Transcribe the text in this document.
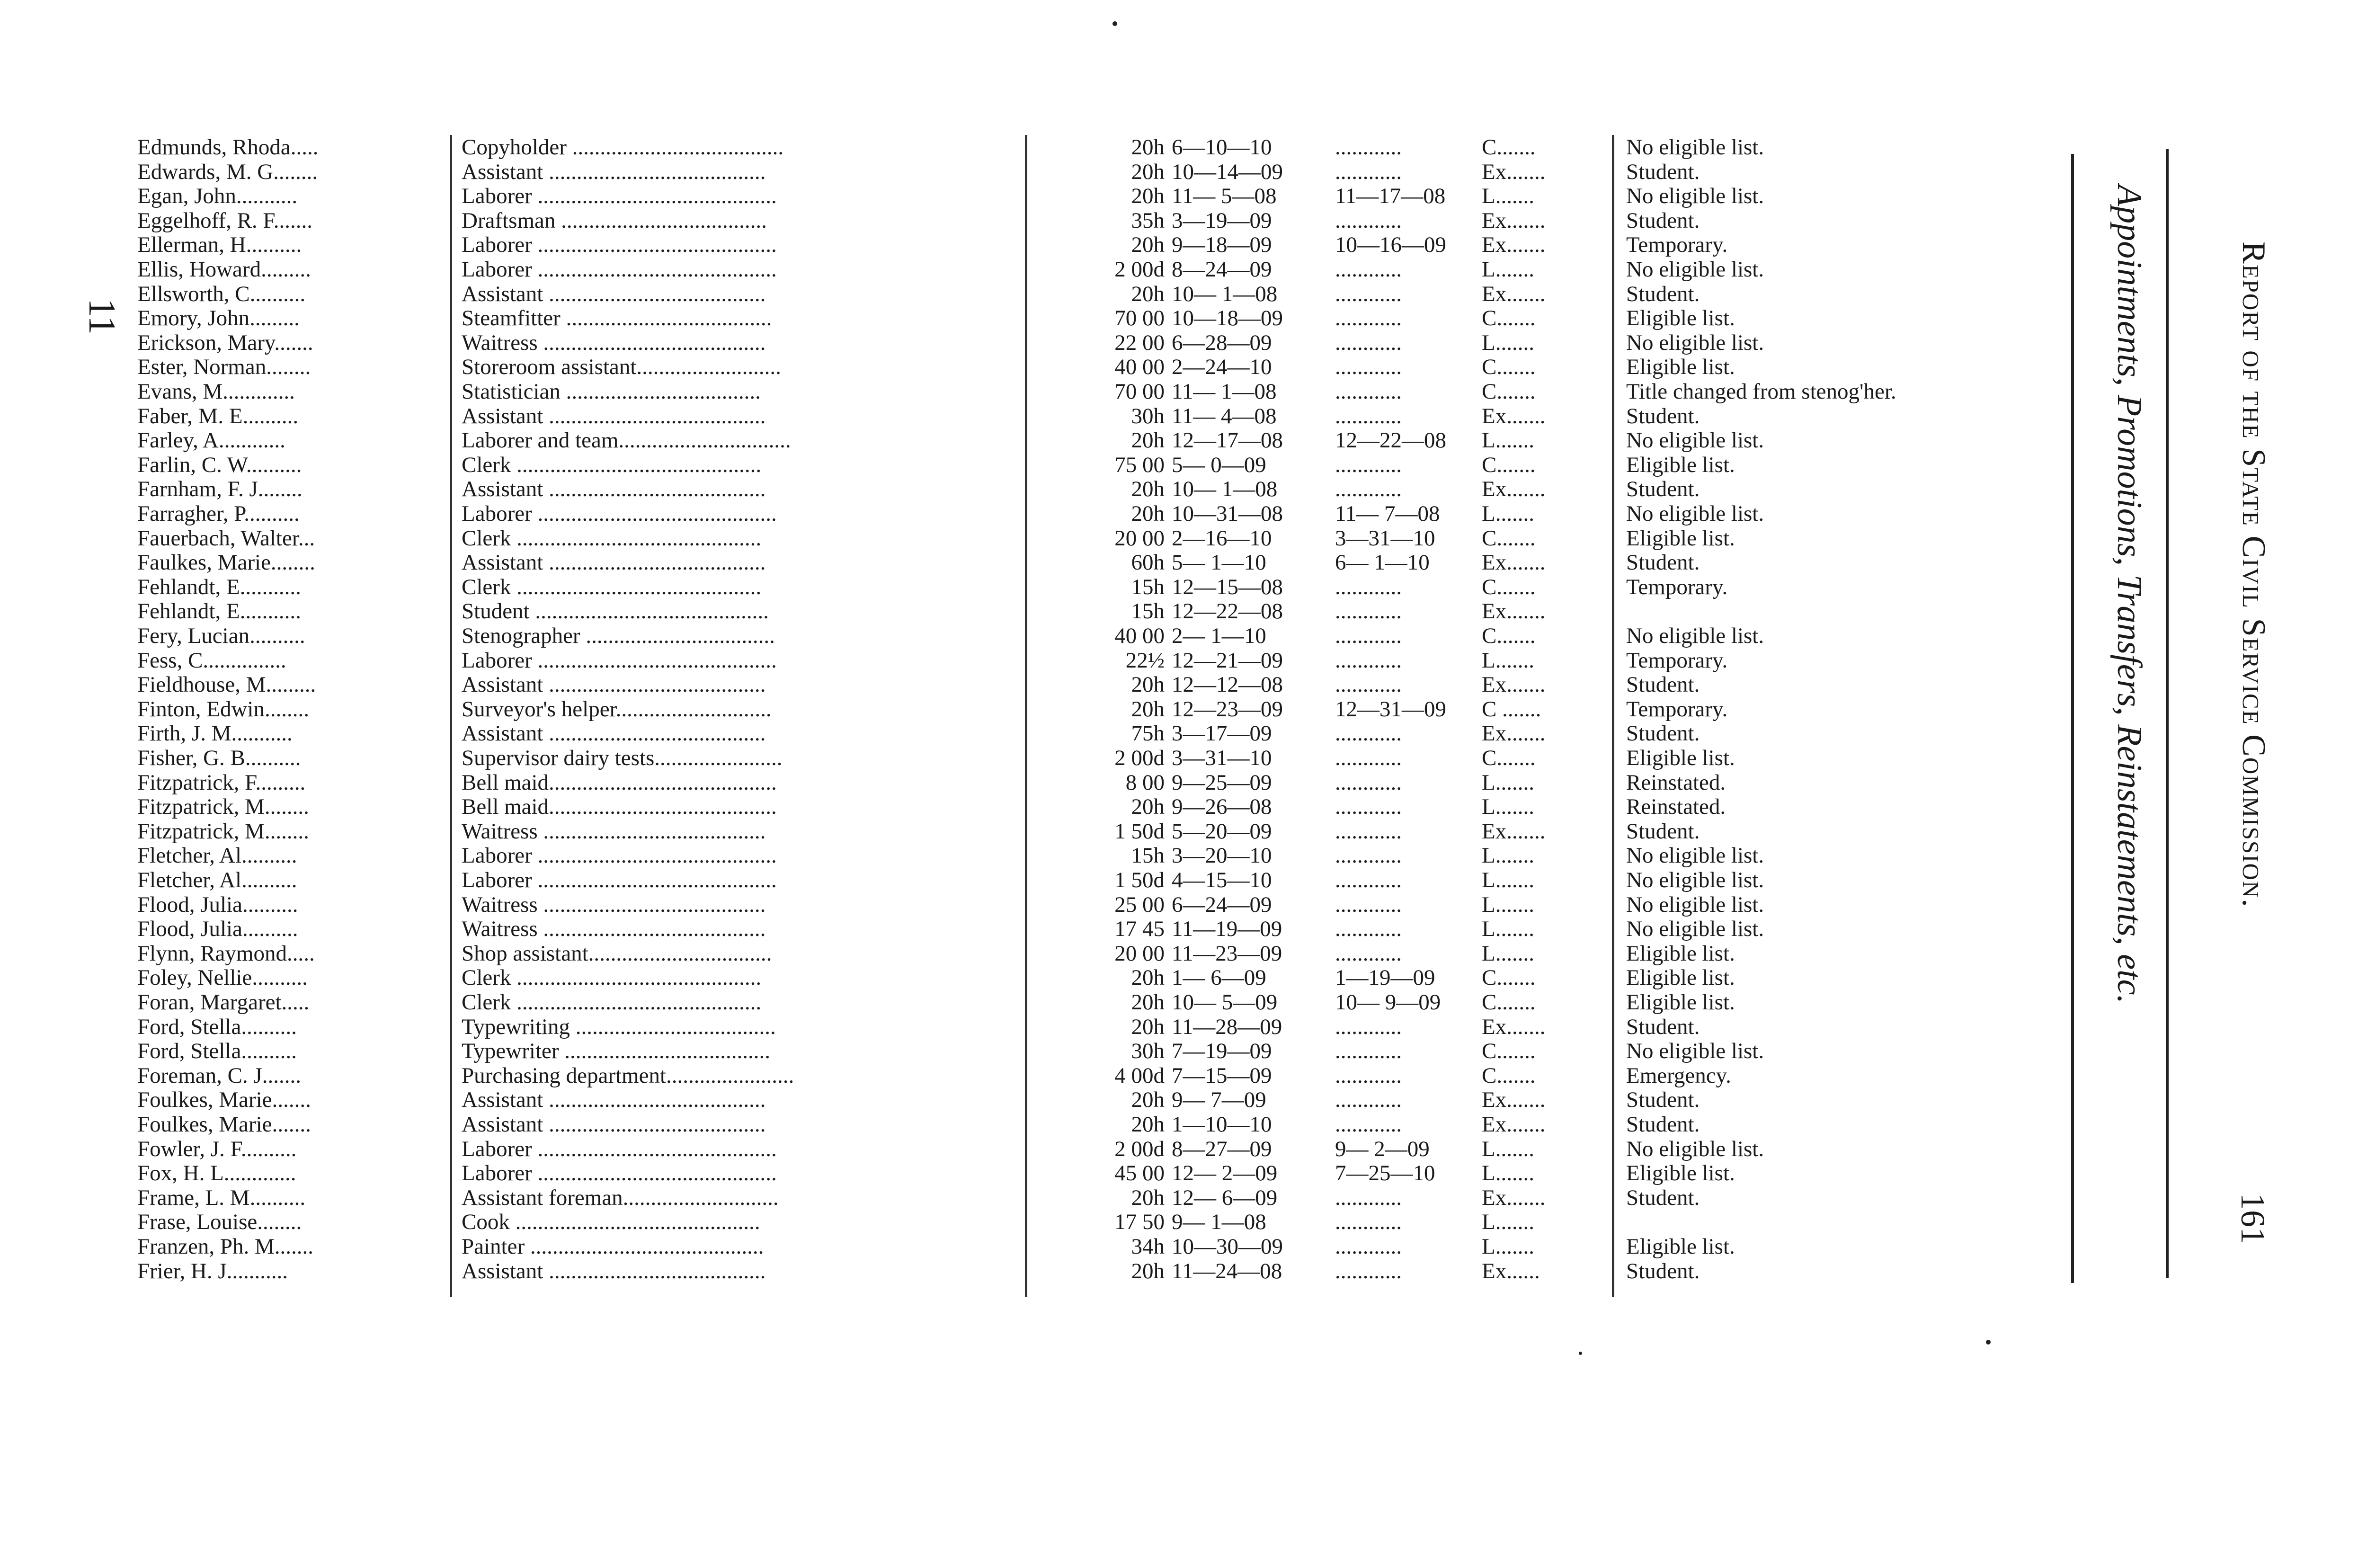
Edmunds, Rhoda.....	Copyholder ......................................	20h 6—10—10	............	C.......	No eligible list.
Edwards, M. G........	Assistant .......................................	20h 10—14—09	............	Ex.......	Student.
Egan, John...........	Laborer ...........................................	20h 11— 5—08	11—17—08	L.......	No eligible list.
Eggelhoff, R. F.......	Draftsman .....................................	35h 3—19—09	............	Ex.......	Student.
Ellerman, H..........	Laborer ...........................................	20h 9—18—09	10—16—09	Ex.......	Temporary.
Ellis, Howard.........	Laborer ...........................................	2 00d 8—24—09	............	L.......	No eligible list.
Ellsworth, C..........	Assistant .......................................	20h 10— 1—08	............	Ex.......	Student.
Emory, John.........	Steamfitter .....................................	70 00 10—18—09	............	C.......	Eligible list.
Erickson, Mary.......	Waitress ........................................	22 00 6—28—09	............	L.......	No eligible list.
Ester, Norman........	Storeroom assistant..........................	40 00 2—24—10	............	C.......	Eligible list.
Evans, M.............	Statistician ...................................	70 00 11— 1—08	............	C.......	Title changed from stenog'her.
Faber, M. E..........	Assistant .......................................	30h 11— 4—08	............	Ex.......	Student.
Farley, A............	Laborer and team...............................	20h 12—17—08	12—22—08	L.......	No eligible list.
Farlin, C. W..........	Clerk ............................................	75 00 5— 0—09	............	C.......	Eligible list.
Farnham, F. J........	Assistant .......................................	20h 10— 1—08	............	Ex.......	Student.
Farragher, P..........	Laborer ...........................................	20h 10—31—08	11— 7—08	L.......	No eligible list.
Fauerbach, Walter...	Clerk ............................................	20 00 2—16—10	3—31—10	C.......	Eligible list.
Faulkes, Marie........	Assistant .......................................	60h 5— 1—10	6— 1—10	Ex.......	Student.
Fehlandt, E...........	Clerk ............................................	15h 12—15—08	............	C.......	Temporary.
Fehlandt, E...........	Student ..........................................	15h 12—22—08	............	Ex.......
Fery, Lucian..........	Stenographer ..................................	40 00 2— 1—10	............	C.......	No eligible list.
Fess, C...............	Laborer ...........................................	22½ 12—21—09	............	L.......	Temporary.
Fieldhouse, M.........	Assistant .......................................	20h 12—12—08	............	Ex.......	Student.
Finton, Edwin........	Surveyor's helper............................	20h 12—23—09	12—31—09	C .......	Temporary.
Firth, J. M...........	Assistant .......................................	75h 3—17—09	............	Ex.......	Student.
Fisher, G. B..........	Supervisor dairy tests.......................	2 00d 3—31—10	............	C.......	Eligible list.
Fitzpatrick, F.........	Bell maid.........................................	8 00 9—25—09	............	L.......	Reinstated.
Fitzpatrick, M........	Bell maid.........................................	20h 9—26—08	............	L.......	Reinstated.
Fitzpatrick, M........	Waitress ........................................	1 50d 5—20—09	............	Ex.......	Student.
Fletcher, Al..........	Laborer ...........................................	15h 3—20—10	............	L.......	No eligible list.
Fletcher, Al..........	Laborer ...........................................	1 50d 4—15—10	............	L.......	No eligible list.
Flood, Julia..........	Waitress ........................................	25 00 6—24—09	............	L.......	No eligible list.
Flood, Julia..........	Waitress ........................................	17 45 11—19—09	............	L.......	No eligible list.
Flynn, Raymond.....	Shop assistant.................................	20 00 11—23—09	............	L.......	Eligible list.
Foley, Nellie..........	Clerk ............................................	20h 1— 6—09	1—19—09	C.......	Eligible list.
Foran, Margaret.....	Clerk ............................................	20h 10— 5—09	10— 9—09	C.......	Eligible list.
Ford, Stella..........	Typewriting ....................................	20h 11—28—09	............	Ex.......	Student.
Ford, Stella..........	Typewriter .....................................	30h 7—19—09	............	C.......	No eligible list.
Foreman, C. J.......	Purchasing department.......................	4 00d 7—15—09	............	C.......	Emergency.
Foulkes, Marie.......	Assistant .......................................	20h 9— 7—09	............	Ex.......	Student.
Foulkes, Marie.......	Assistant .......................................	20h 1—10—10	............	Ex.......	Student.
Fowler, J. F..........	Laborer ...........................................	2 00d 8—27—09	9— 2—09	L.......	No eligible list.
Fox, H. L.............	Laborer ...........................................	45 00 12— 2—09	7—25—10	L.......	Eligible list.
Frame, L. M..........	Assistant foreman............................	20h 12— 6—09	............	Ex.......	Student.
Frase, Louise........	Cook ............................................	17 50 9— 1—08	............	L.......
Franzen, Ph. M.......	Painter ..........................................	34h 10—30—09	............	L.......	Eligible list.
Frier, H. J...........	Assistant .......................................	20h 11—24—08	............	Ex......	Student.
11	Report of the State Civil Service Commission.
161
Appointments, Promotions, Transfers, Reinstatements, etc.
